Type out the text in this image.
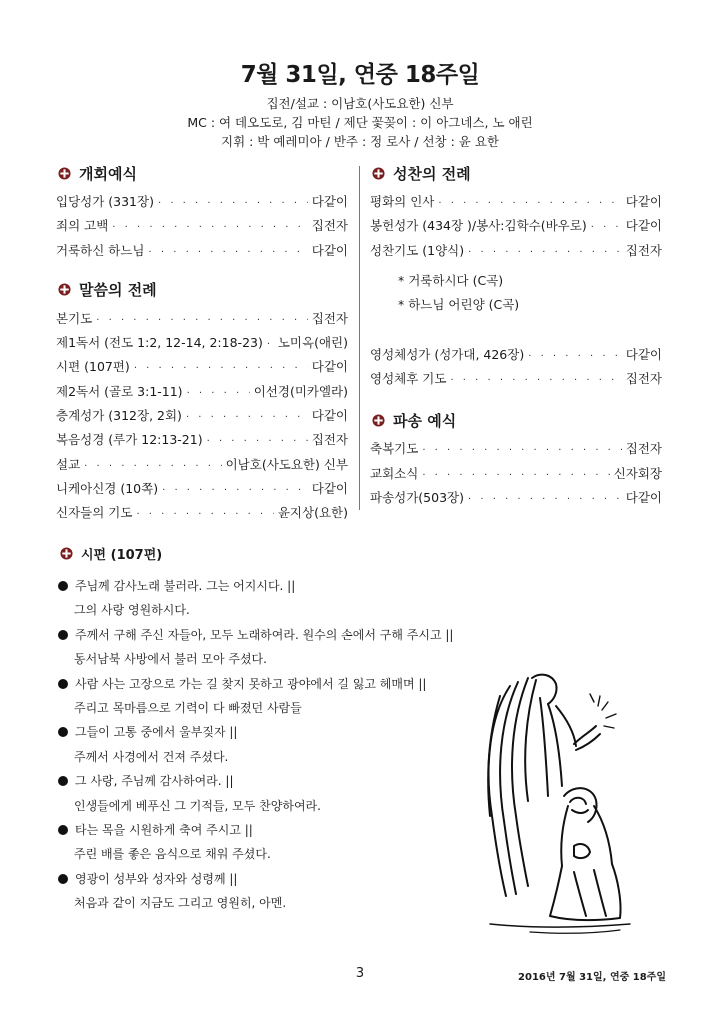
7월 31일, 연중 18주일
집전/설교 : 이남호(사도요한) 신부
MC : 여 데오도로, 김 마틴 / 제단 꽃꽂이 : 이 아그네스, 노 애린
지휘 : 박 예레미아 / 반주 : 정 로사 / 선창 : 윤 요한
개회예식
입당성가 (331장) · · ·	다같이
죄의 고백 · · ·	집전자
거룩하신 하느님 · · ·	다같이
말씀의 전례
본기도 · · ·	집전자
제1독서 (전도 1:2, 12-14, 2:18-23) · · · 노미옥(애린)
시편 (107편) · · ·	다같이
제2독서 (골로 3:1-11) · · ·	이선경(미카엘라)
층계성가 (312장, 2회) · · ·	다같이
복음성경 (루가 12:13-21) · · ·	집전자
설교 · · ·	이남호(사도요한) 신부
니케아신경 (10쪽) · · ·	다같이
신자들의 기도 · · ·	윤지상(요한)
성찬의 전례
평화의 인사 · · ·	다같이
봉헌성가 (434장 )/봉사:김학수(바우로) · · ·	다같이
성찬기도 (1양식) · · ·	집전자
* 거룩하시다 (C곡)
* 하느님 어린양 (C곡)
영성체성가 (성가대, 426장) · · ·	다같이
영성체후 기도 · · ·	집전자
파송 예식
축복기도 · · ·	집전자
교회소식 · · ·	신자회장
파송성가(503장) · · ·	다같이
시편 (107편)
주님께 감사노래 불러라. 그는 어지시다. ||
그의 사랑 영원하시다.
주께서 구해 주신 자들아, 모두 노래하여라. 원수의 손에서 구해 주시고 ||
동서남북 사방에서 불러 모아 주셨다.
사람 사는 고장으로 가는 길 찾지 못하고 광야에서 길 잃고 헤매며 ||
주리고 목마름으로 기력이 다 빠졌던 사람들
그들이 고통 중에서 울부짖자 ||
주께서 사경에서 건져 주셨다.
그 사랑, 주님께 감사하여라. ||
인생들에게 베푸신 그 기적들, 모두 찬양하여라.
타는 목을 시원하게 축여 주시고 ||
주린 배를 좋은 음식으로 채워 주셨다.
영광이 성부와 성자와 성령께 ||
처음과 같이 지금도 그리고 영원히, 아멘.
3	2016년 7월 31일, 연중 18주일
